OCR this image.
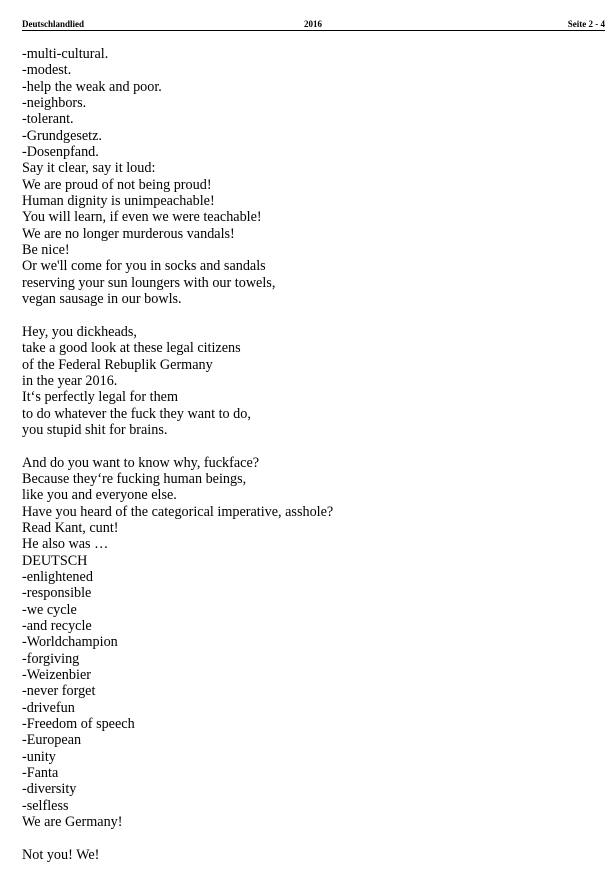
Deutschlandlied	2016	Seite 2 - 4
-multi-cultural.
-modest.
-help the weak and poor.
-neighbors.
-tolerant.
-Grundgesetz.
-Dosenpfand.
Say it clear, say it loud:
We are proud of not being proud!
Human dignity is unimpeachable!
You will learn, if even we were teachable!
We are no longer murderous vandals!
Be nice!
Or we'll come for you in socks and sandals
reserving your sun loungers with our towels,
vegan sausage in our bowls.
Hey, you dickheads,
take a good look at these legal citizens
of the Federal Rebuplik Germany
in the year 2016.
It‘s perfectly legal for them
to do whatever the fuck they want to do,
you stupid shit for brains.
And do you want to know why, fuckface?
Because they‘re fucking human beings,
like you and everyone else.
Have you heard of the categorical imperative, asshole?
Read Kant, cunt!
He also was …
DEUTSCH
-enlightened
-responsible
-we cycle
-and recycle
-Worldchampion
-forgiving
-Weizenbier
-never forget
-drivefun
-Freedom of speech
-European
-unity
-Fanta
-diversity
-selfless
We are Germany!
Not you! We!
